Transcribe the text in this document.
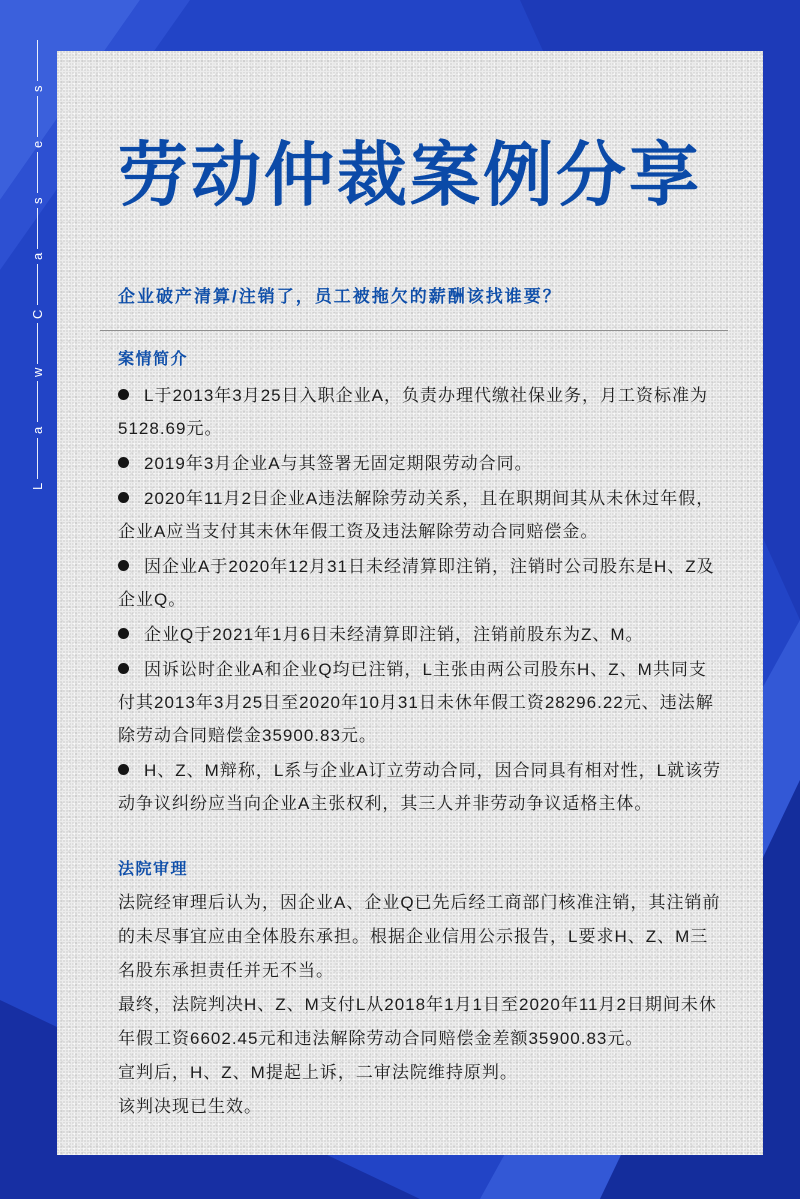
L
a
w
C
a
s
e
s
劳动仲裁案例分享
企业破产清算/注销了，员工被拖欠的薪酬该找谁要？
案情简介
L于2013年3月25日入职企业A，负责办理代缴社保业务，月工资标准为
5128.69元。
2019年3月企业A与其签署无固定期限劳动合同。
2020年11月2日企业A违法解除劳动关系，且在职期间其从未休过年假，
企业A应当支付其未休年假工资及违法解除劳动合同赔偿金。
因企业A于2020年12月31日未经清算即注销，注销时公司股东是H、Z及
企业Q。
企业Q于2021年1月6日未经清算即注销，注销前股东为Z、M。
因诉讼时企业A和企业Q均已注销，L主张由两公司股东H、Z、M共同支
付其2013年3月25日至2020年10月31日未休年假工资28296.22元、违法解
除劳动合同赔偿金35900.83元。
H、Z、M辩称，L系与企业A订立劳动合同，因合同具有相对性，L就该劳
动争议纠纷应当向企业A主张权利，其三人并非劳动争议适格主体。
法院审理
法院经审理后认为，因企业A、企业Q已先后经工商部门核准注销，其注销前
的未尽事宜应由全体股东承担。根据企业信用公示报告，L要求H、Z、M三
名股东承担责任并无不当。
最终，法院判决H、Z、M支付L从2018年1月1日至2020年11月2日期间未休
年假工资6602.45元和违法解除劳动合同赔偿金差额35900.83元。
宣判后，H、Z、M提起上诉，二审法院维持原判。
该判决现已生效。
